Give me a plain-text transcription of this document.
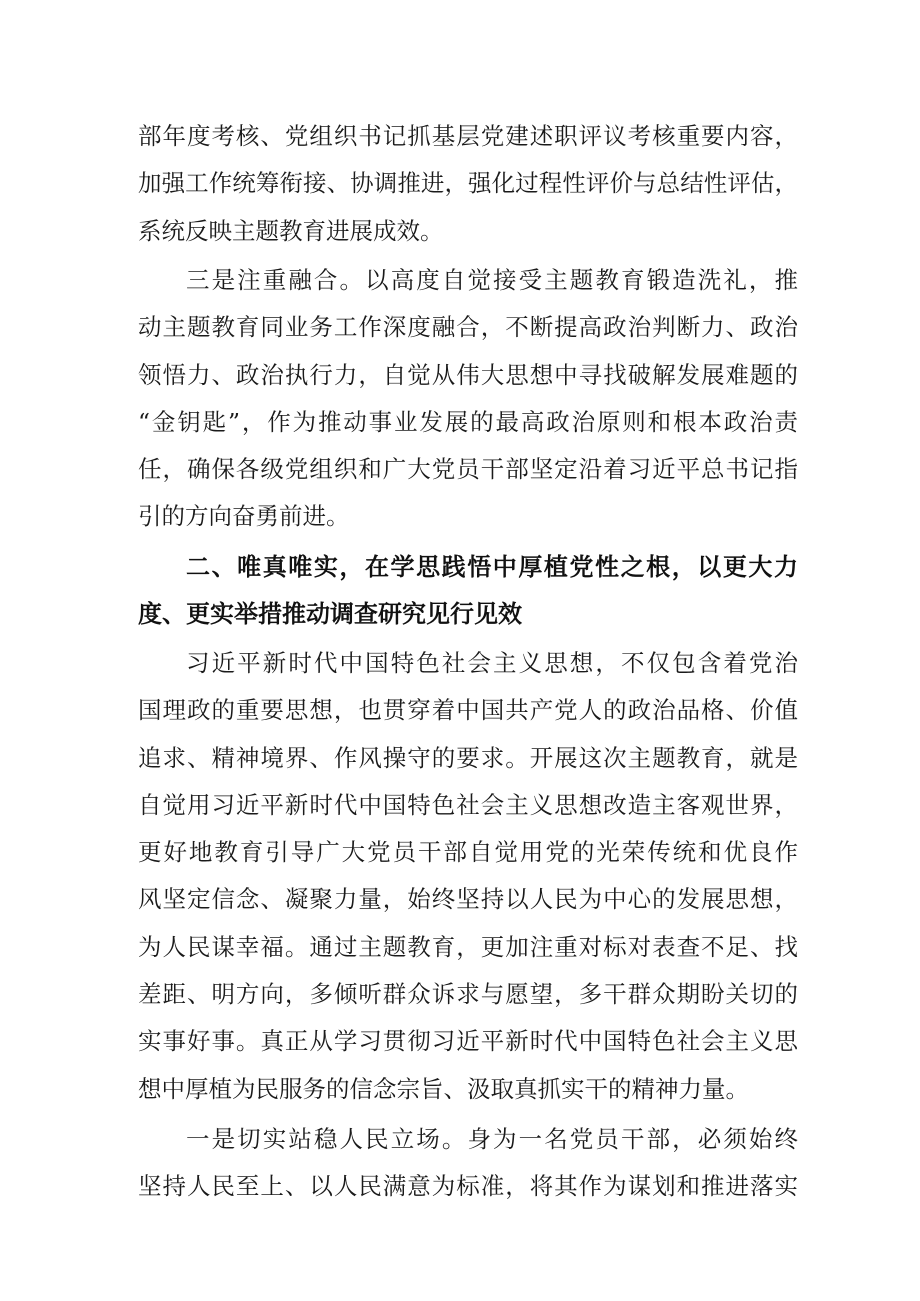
部年度考核、党组织书记抓基层党建述职评议考核重要内容，
加强工作统筹衔接、协调推进，强化过程性评价与总结性评估，
系统反映主题教育进展成效。
三是注重融合。以高度自觉接受主题教育锻造洗礼，推
动主题教育同业务工作深度融合，不断提高政治判断力、政治
领悟力、政治执行力，自觉从伟大思想中寻找破解发展难题的
“金钥匙”，作为推动事业发展的最高政治原则和根本政治责
任，确保各级党组织和广大党员干部坚定沿着习近平总书记指
引的方向奋勇前进。
二、唯真唯实，在学思践悟中厚植党性之根，以更大力
度、更实举措推动调查研究见行见效
习近平新时代中国特色社会主义思想，不仅包含着党治
国理政的重要思想，也贯穿着中国共产党人的政治品格、价值
追求、精神境界、作风操守的要求。开展这次主题教育，就是
自觉用习近平新时代中国特色社会主义思想改造主客观世界，
更好地教育引导广大党员干部自觉用党的光荣传统和优良作
风坚定信念、凝聚力量，始终坚持以人民为中心的发展思想，
为人民谋幸福。通过主题教育，更加注重对标对表查不足、找
差距、明方向，多倾听群众诉求与愿望，多干群众期盼关切的
实事好事。真正从学习贯彻习近平新时代中国特色社会主义思
想中厚植为民服务的信念宗旨、汲取真抓实干的精神力量。
一是切实站稳人民立场。身为一名党员干部，必须始终
坚持人民至上、以人民满意为标准，将其作为谋划和推进落实
